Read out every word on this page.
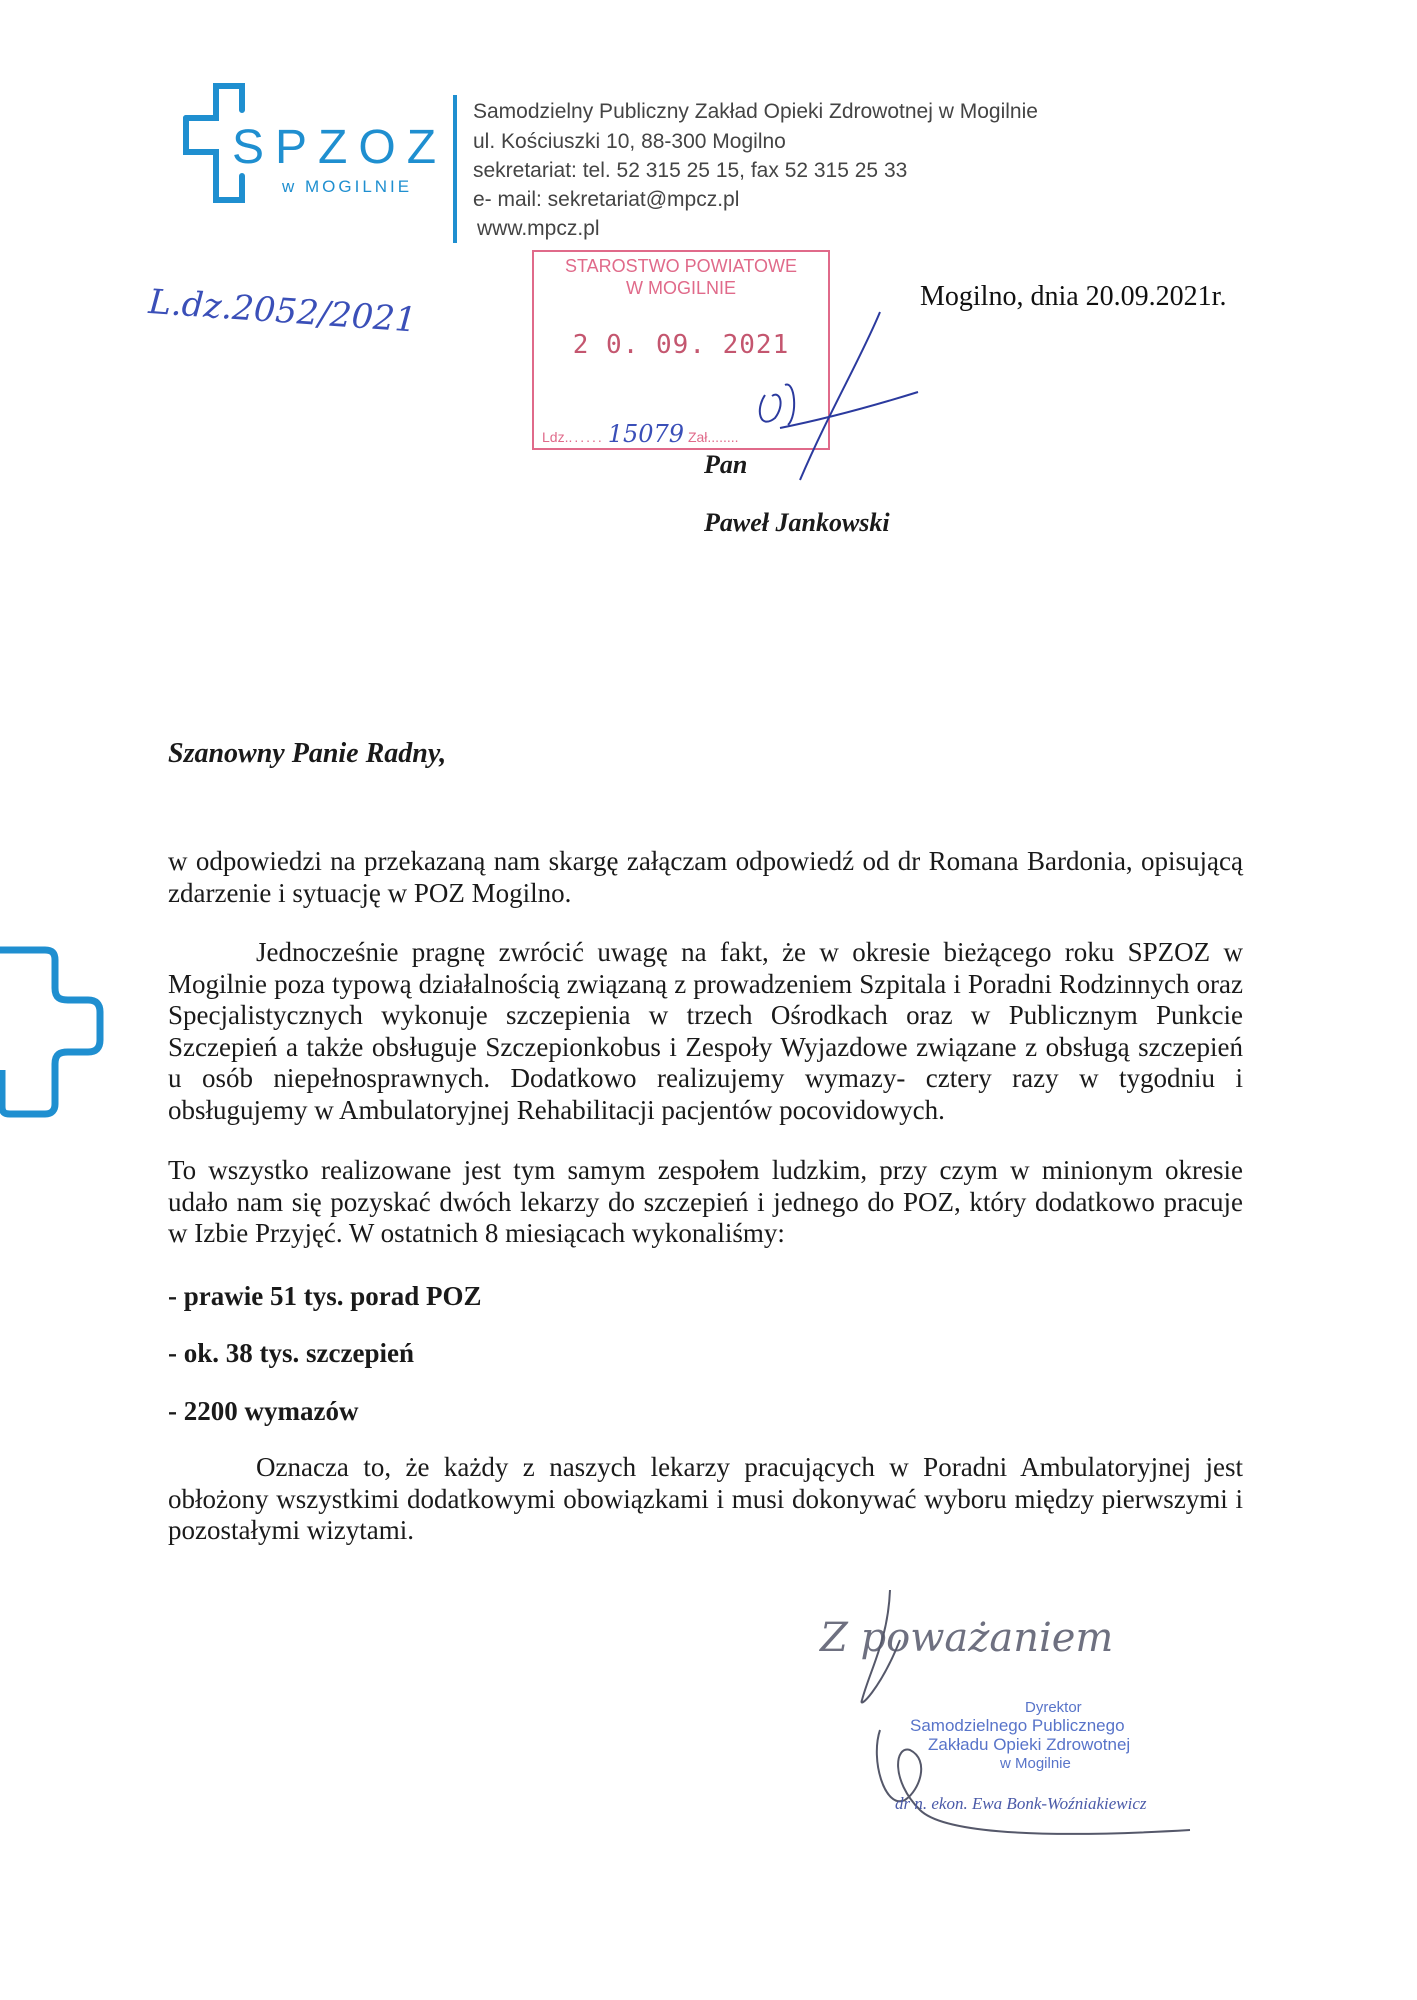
SPZOZ
w MOGILNIE
Samodzielny Publiczny Zakład Opieki Zdrowotnej w Mogilnie
ul. Kościuszki 10, 88-300 Mogilno
sekretariat: tel. 52 315 25 15, fax 52 315 25 33
e- mail: sekretariat@mpcz.pl
www.mpcz.pl
L.dz.2052/2021
STAROSTWO POWIATOWE
W MOGILNIE
2 0. 09. 2021
Ldz....... 15079 Zał........
Mogilno, dnia 20.09.2021r.
Pan
Paweł Jankowski
Szanowny Panie Radny,
w odpowiedzi na przekazaną nam skargę załączam odpowiedź od dr Romana Bardonia, opisującą zdarzenie i sytuację w POZ Mogilno.
Jednocześnie pragnę zwrócić uwagę na fakt, że w okresie bieżącego roku SPZOZ w Mogilnie poza typową działalnością związaną z prowadzeniem Szpitala i Poradni Rodzinnych oraz Specjalistycznych wykonuje szczepienia w trzech Ośrodkach oraz w Publicznym Punkcie Szczepień a także obsługuje Szczepionkobus i Zespoły Wyjazdowe związane z obsługą szczepień u osób niepełnosprawnych. Dodatkowo realizujemy wymazy- cztery razy w tygodniu i obsługujemy w Ambulatoryjnej Rehabilitacji pacjentów pocovidowych.
To wszystko realizowane jest tym samym zespołem ludzkim, przy czym w minionym okresie udało nam się pozyskać dwóch lekarzy do szczepień i jednego do POZ, który dodatkowo pracuje w Izbie Przyjęć. W ostatnich 8 miesiącach wykonaliśmy:
- prawie 51 tys. porad POZ
- ok. 38 tys. szczepień
- 2200 wymazów
Oznacza to, że każdy z naszych lekarzy pracujących w Poradni Ambulatoryjnej jest obłożony wszystkimi dodatkowymi obowiązkami i musi dokonywać wyboru między pierwszymi i pozostałymi wizytami.
Z poważaniem
Dyrektor
Samodzielnego Publicznego
Zakładu Opieki Zdrowotnej
w Mogilnie
dr n. ekon. Ewa Bonk-Woźniakiewicz
